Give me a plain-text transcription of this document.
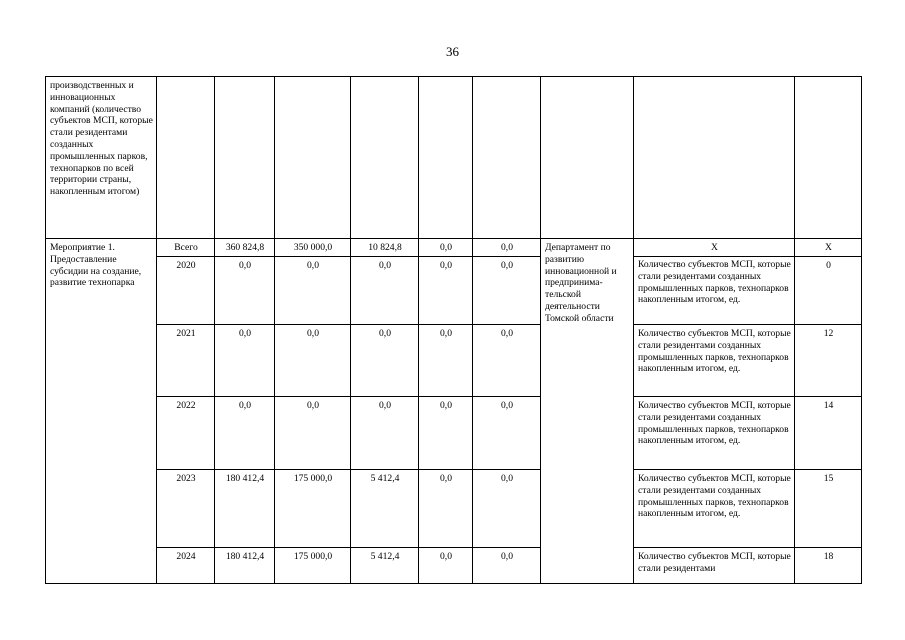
36
производственных и инновационных компаний (количество субъектов МСП, которые стали резидентами созданных промышленных парков, технопарков по всей территории страны, накопленным итогом)									
Мероприятие 1. Предоставление субсидии на создание, развитие технопарка	Всего	360 824,8	350 000,0	10 824,8	0,0	0,0	Департамент по развитию инновационной и предпринима-тельской деятельности Томской области	X	X
	2020	0,0	0,0	0,0	0,0	0,0		Количество субъектов МСП, которые стали резидентами созданных промышленных парков, технопарков накопленным итогом, ед.	0
	2021	0,0	0,0	0,0	0,0	0,0		Количество субъектов МСП, которые стали резидентами созданных промышленных парков, технопарков накопленным итогом, ед.	12
	2022	0,0	0,0	0,0	0,0	0,0		Количество субъектов МСП, которые стали резидентами созданных промышленных парков, технопарков накопленным итогом, ед.	14
	2023	180 412,4	175 000,0	5 412,4	0,0	0,0		Количество субъектов МСП, которые стали резидентами созданных промышленных парков, технопарков накопленным итогом, ед.	15
	2024	180 412,4	175 000,0	5 412,4	0,0	0,0		Количество субъектов МСП, которые стали резидентами	18
